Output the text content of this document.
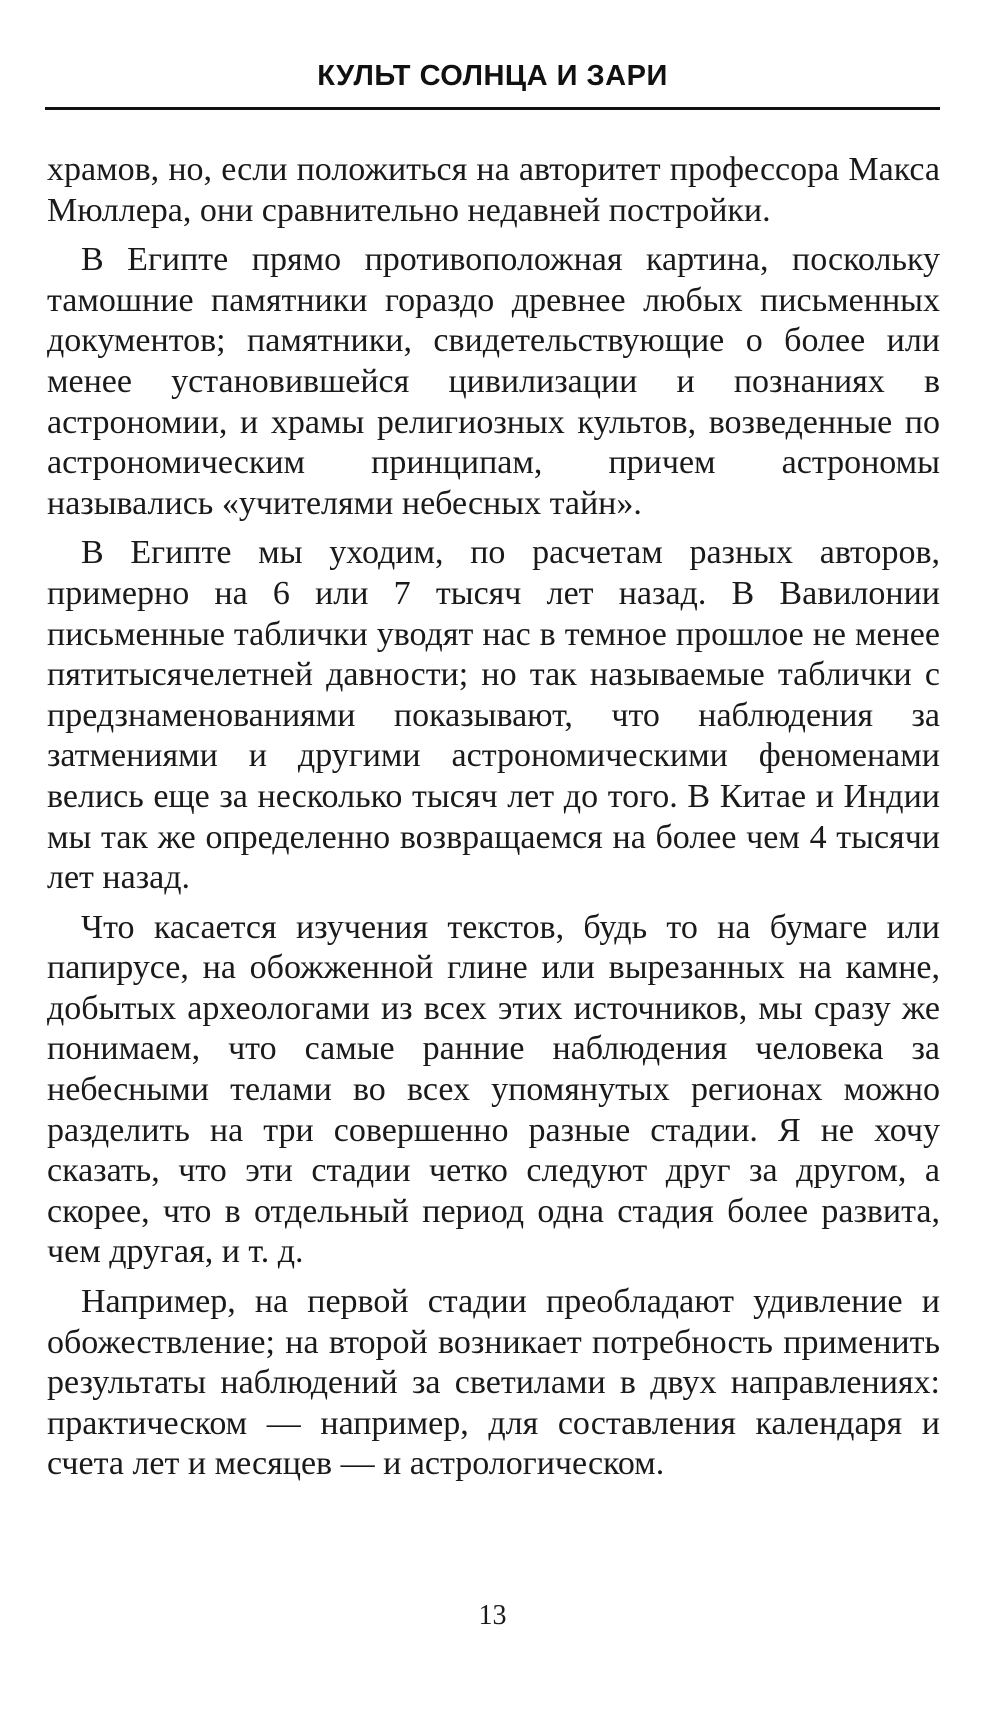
КУЛЬТ СОЛНЦА И ЗАРИ

храмов, но, если положиться на авторитет профессора Макса Мюллера, они сравнительно недавней постройки.

В Египте прямо противоположная картина, поскольку тамошние памятники гораздо древнее любых письменных документов; памятники, свидетельствующие о более или менее установившейся цивилизации и познаниях в астрономии, и храмы религиозных культов, возведенные по астрономическим принципам, причем астрономы назывались «учителями небесных тайн».

В Египте мы уходим, по расчетам разных авторов, примерно на 6 или 7 тысяч лет назад. В Вавилонии письменные таблички уводят нас в темное прошлое не менее пятитысячелетней давности; но так называемые таблички с предзнаменованиями показывают, что наблюдения за затмениями и другими астрономическими феноменами велись еще за несколько тысяч лет до того. В Китае и Индии мы так же определенно возвращаемся на более чем 4 тысячи лет назад.

Что касается изучения текстов, будь то на бумаге или папирусе, на обожженной глине или вырезанных на камне, добытых археологами из всех этих источников, мы сразу же понимаем, что самые ранние наблюдения человека за небесными телами во всех упомянутых регионах можно разделить на три совершенно разные стадии. Я не хочу сказать, что эти стадии четко следуют друг за другом, а скорее, что в отдельный период одна стадия более развита, чем другая, и т. д.

Например, на первой стадии преобладают удивление и обожествление; на второй возникает потребность применить результаты наблюдений за светилами в двух направлениях: практическом — например, для составления календаря и счета лет и месяцев — и астрологическом.

13
